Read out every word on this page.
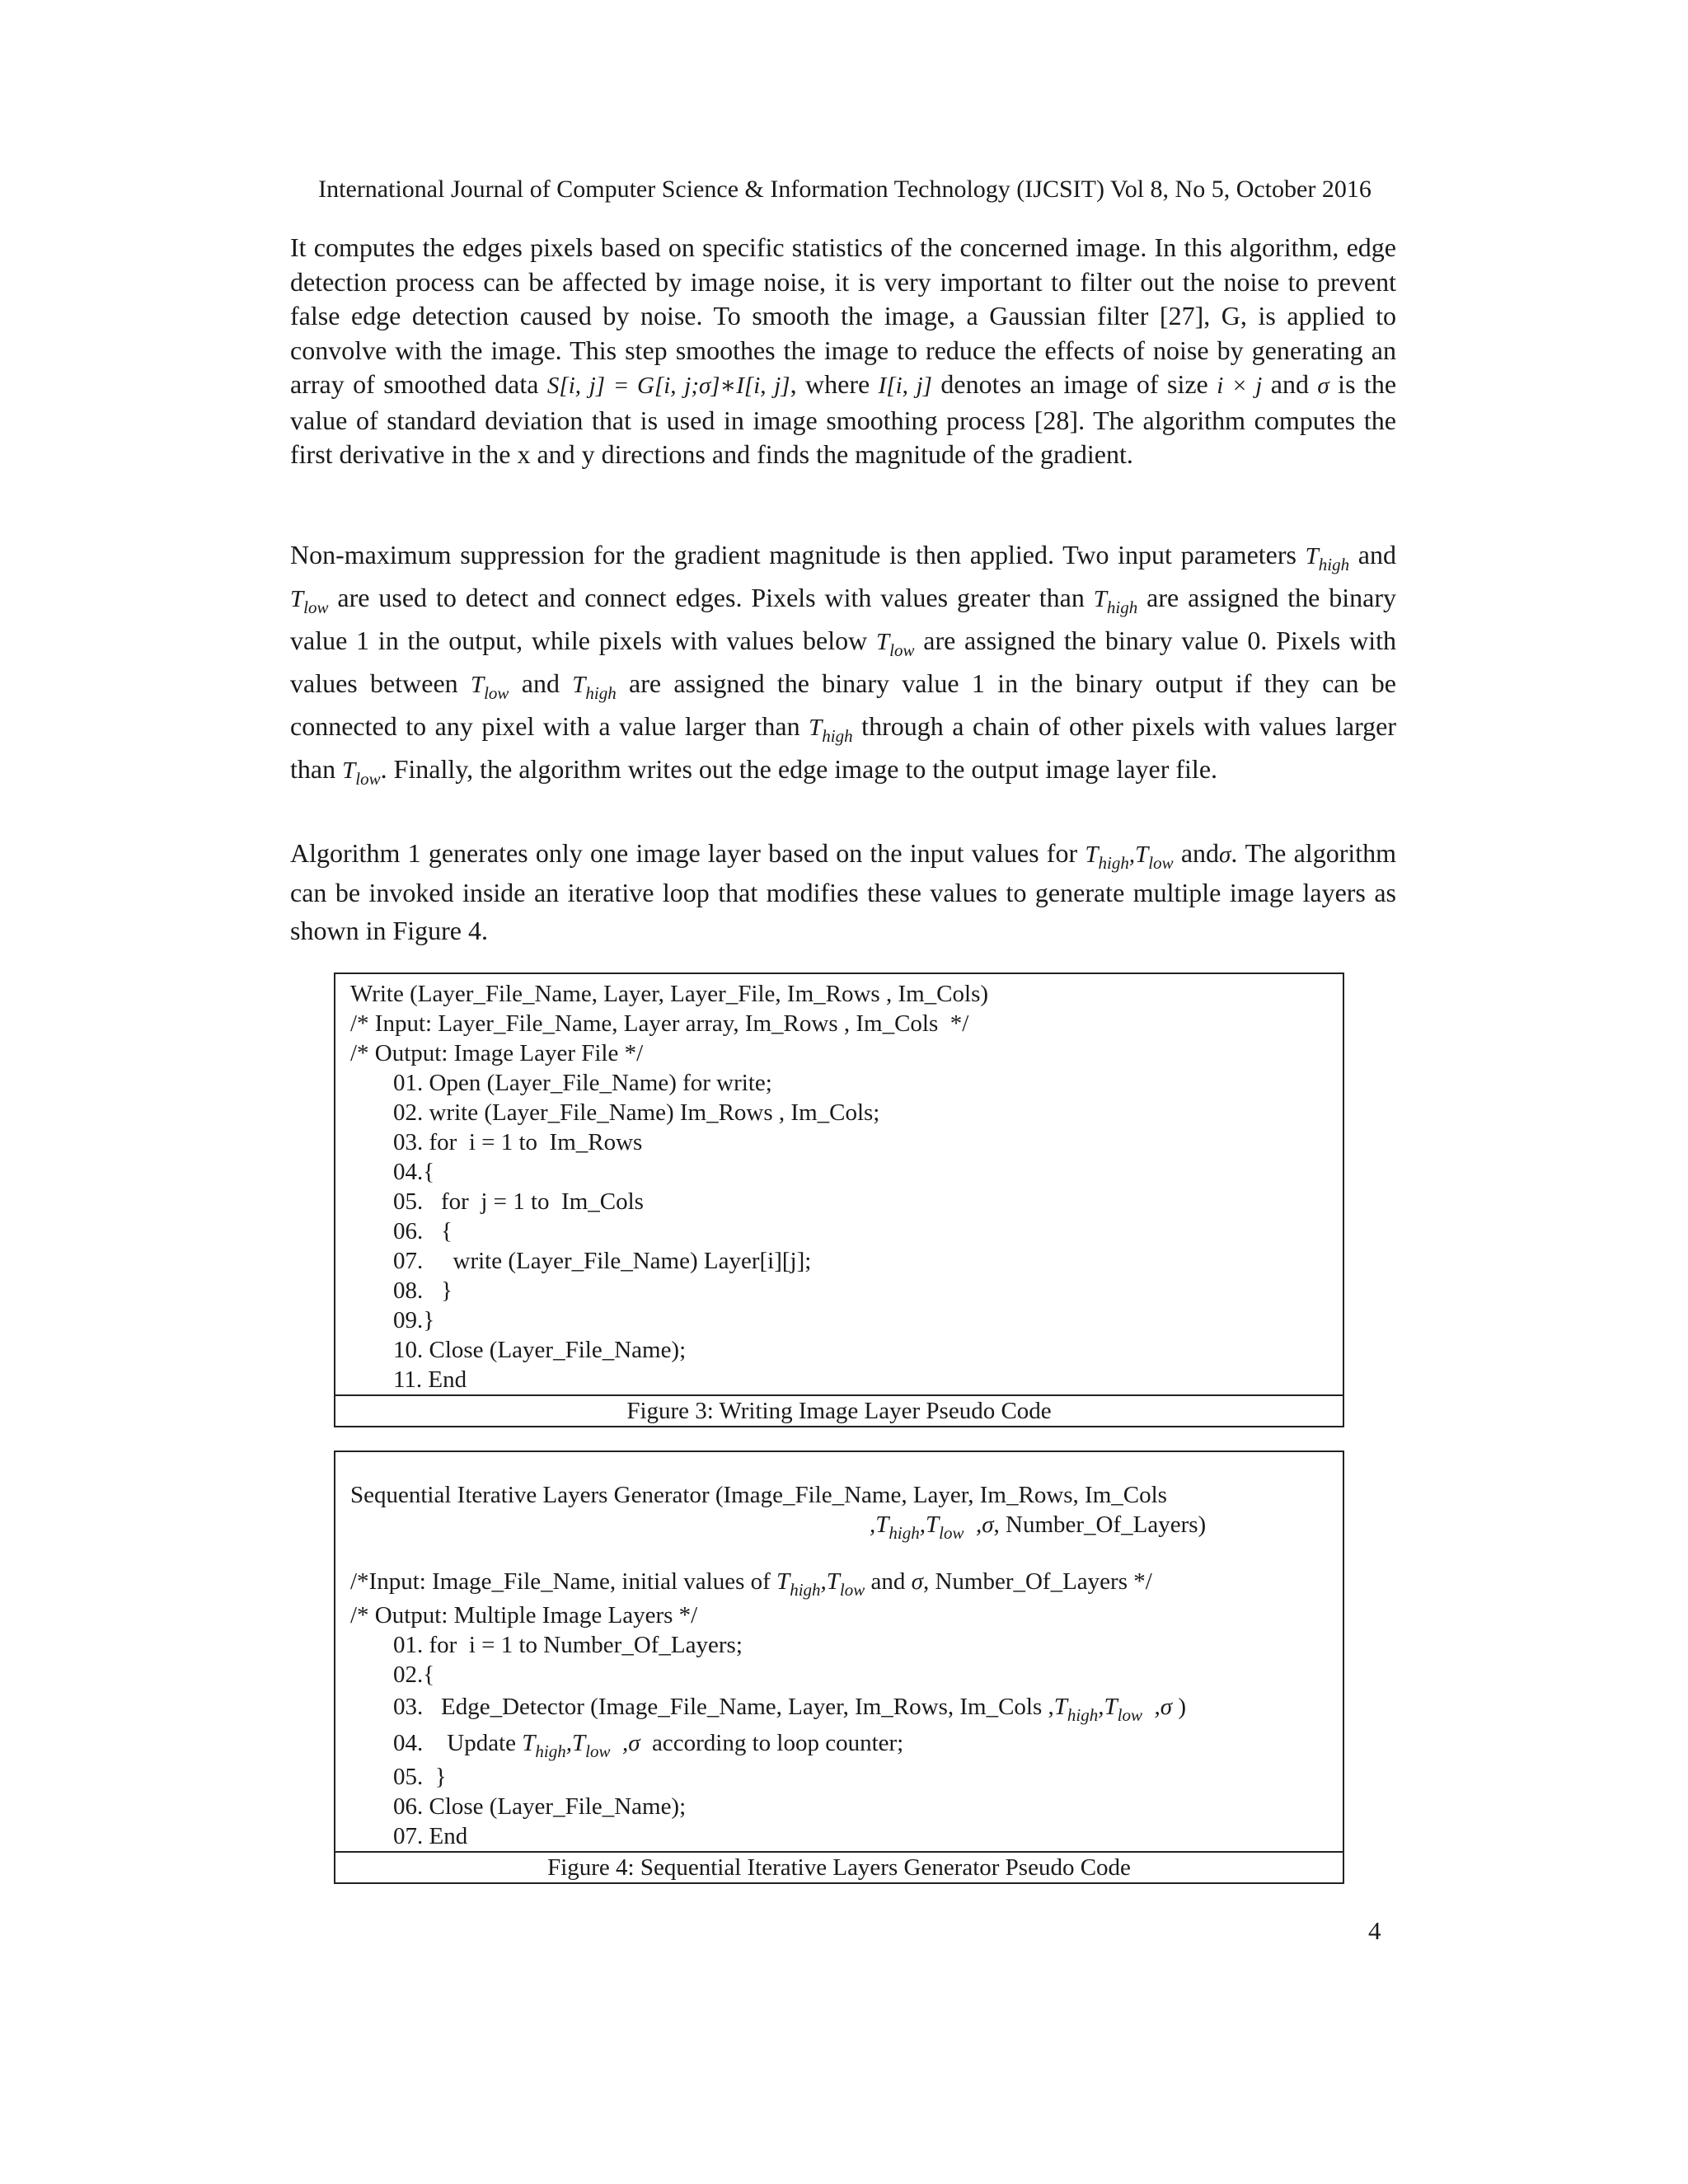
International Journal of Computer Science & Information Technology (IJCSIT) Vol 8, No 5, October 2016

It computes the edges pixels based on specific statistics of the concerned image. In this algorithm, edge detection process can be affected by image noise, it is very important to filter out the noise to prevent false edge detection caused by noise. To smooth the image, a Gaussian filter [27], G, is applied to convolve with the image. This step smoothes the image to reduce the effects of noise by generating an array of smoothed data S[i, j] = G[i, j;σ]∗I[i, j], where I[i, j] denotes an image of size i × j and σ is the value of standard deviation that is used in image smoothing process [28]. The algorithm computes the first derivative in the x and y directions and finds the magnitude of the gradient.

Non-maximum suppression for the gradient magnitude is then applied. Two input parameters $T_{high}$ and $T_{low}$ are used to detect and connect edges. Pixels with values greater than $T_{high}$ are assigned the binary value 1 in the output, while pixels with values below $T_{low}$ are assigned the binary value 0. Pixels with values between $T_{low}$ and $T_{high}$ are assigned the binary value 1 in the binary output if they can be connected to any pixel with a value larger than $T_{high}$ through a chain of other pixels with values larger than $T_{low}$. Finally, the algorithm writes out the edge image to the output image layer file.

Algorithm 1 generates only one image layer based on the input values for $T_{high},T_{low}$ andσ. The algorithm can be invoked inside an iterative loop that modifies these values to generate multiple image layers as shown in Figure 4.

Write (Layer_File_Name, Layer, Layer_File, Im_Rows , Im_Cols)
/* Input: Layer_File_Name, Layer array, Im_Rows , Im_Cols  */
/* Output: Image Layer File */
01. Open (Layer_File_Name) for write;
02. write (Layer_File_Name) Im_Rows , Im_Cols;
03. for  i = 1 to  Im_Rows
04.{
05.   for  j = 1 to  Im_Cols
06.   {
07.     write (Layer_File_Name) Layer[i][j];
08.   }
09.}
10. Close (Layer_File_Name);
11. End
Figure 3: Writing Image Layer Pseudo Code
Sequential Iterative Layers Generator (Image_File_Name, Layer, Im_Rows, Im_Cols
$,T_{high},T_{low}$ ,σ, Number_Of_Layers)
/*Input: Image_File_Name, initial values of $T_{high},T_{low}$ and σ, Number_Of_Layers */
/* Output: Multiple Image Layers */
01. for  i = 1 to Number_Of_Layers;
02.{
03.   Edge_Detector (Image_File_Name, Layer, Im_Rows, Im_Cols $,T_{high},T_{low}$ ,σ )
04.    Update $T_{high},T_{low}$ ,σ according to loop counter;
05.  }
06. Close (Layer_File_Name);
07. End
Figure 4: Sequential Iterative Layers Generator Pseudo Code
4
